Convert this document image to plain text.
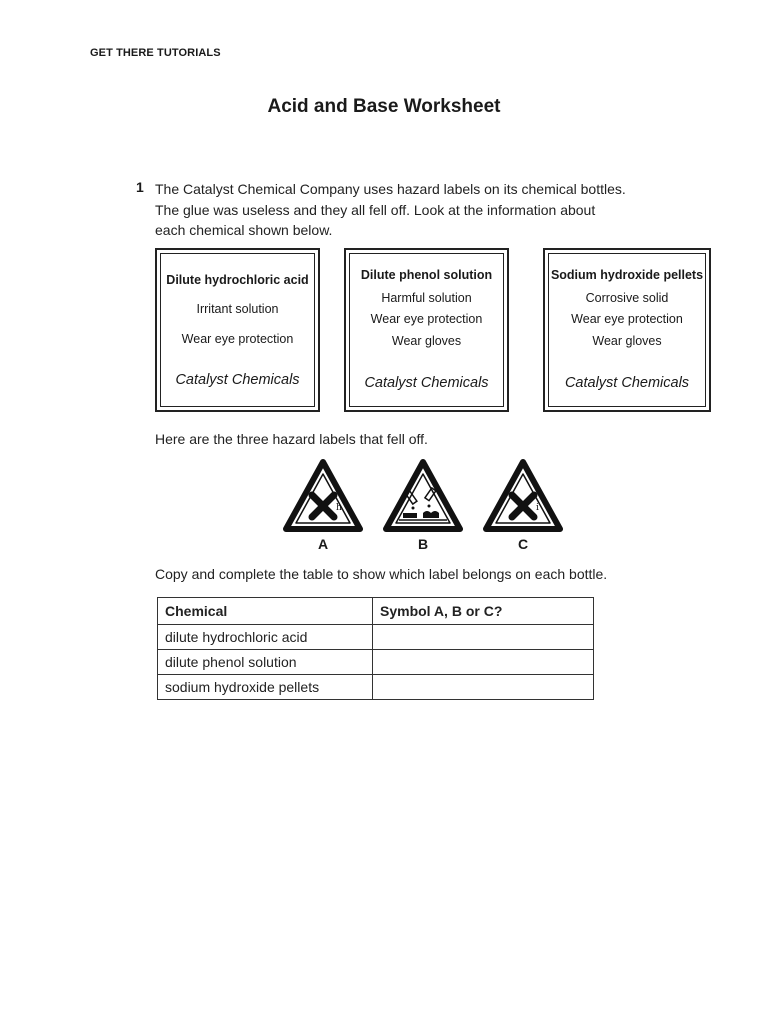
GET THERE TUTORIALS
Acid and Base Worksheet
1 The Catalyst Chemical Company uses hazard labels on its chemical bottles.
The glue was useless and they all fell off. Look at the information about
each chemical shown below.
Dilute hydrochloric acid
Irritant solution
Wear eye protection
Catalyst Chemicals
Dilute phenol solution
Harmful solution
Wear eye protection
Wear gloves
Catalyst Chemicals
Sodium hydroxide pellets
Corrosive solid
Wear eye protection
Wear gloves
Catalyst Chemicals
Here are the three hazard labels that fell off.
h
A	B
i
C
Copy and complete the table to show which label belongs on each bottle.
Chemical	Symbol A, B or C?
dilute hydrochloric acid	
dilute phenol solution	
sodium hydroxide pellets	
